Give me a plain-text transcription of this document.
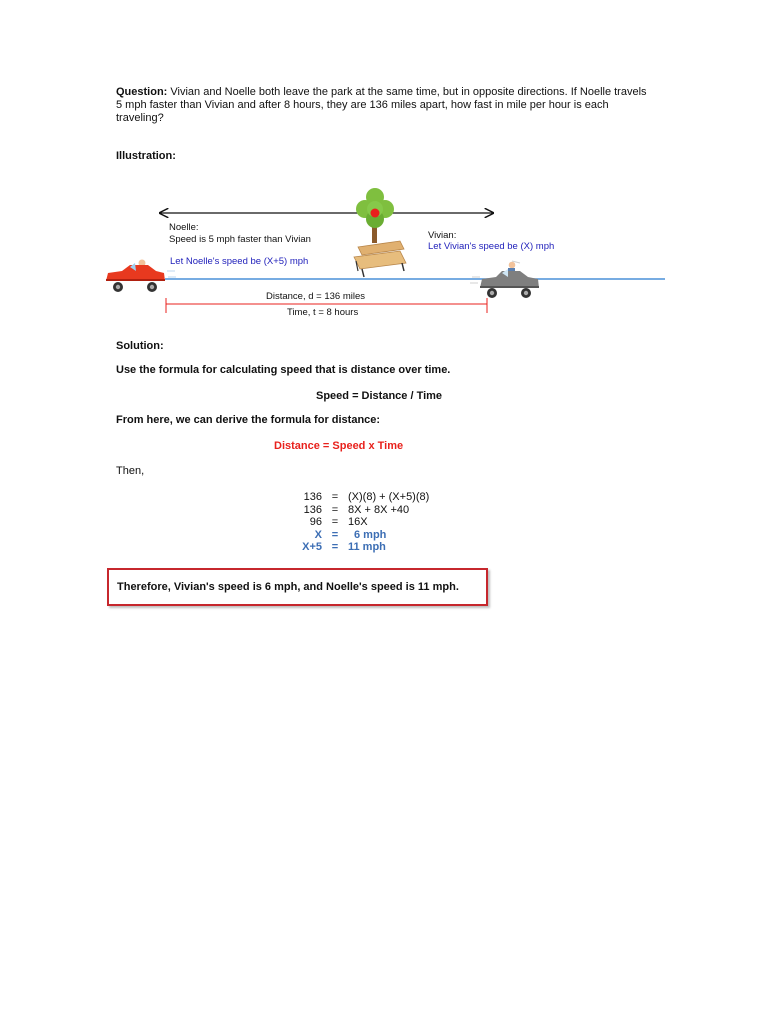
Question: Vivian and Noelle both leave the park at the same time, but in opposite directions. If Noelle travels 5 mph faster than Vivian and after 8 hours, they are 136 miles apart, how fast in mile per hour is each traveling?
Illustration:
Noelle:
Speed is 5 mph faster than Vivian
Let Noelle's speed be (X+5) mph
Vivian:
Let Vivian's speed be (X) mph
Distance, d = 136 miles
Time, t = 8 hours
Solution:
Use the formula for calculating speed that is distance over time.
Speed = Distance / Time
From here, we can derive the formula for distance:
Distance = Speed x Time
Then,
136 = (X)(8) + (X+5)(8)
136 = 8X + 8X +40
96 = 16X
X =	6 mph
X+5 = 11 mph
Therefore, Vivian's speed is 6 mph, and Noelle's speed is 11 mph.
